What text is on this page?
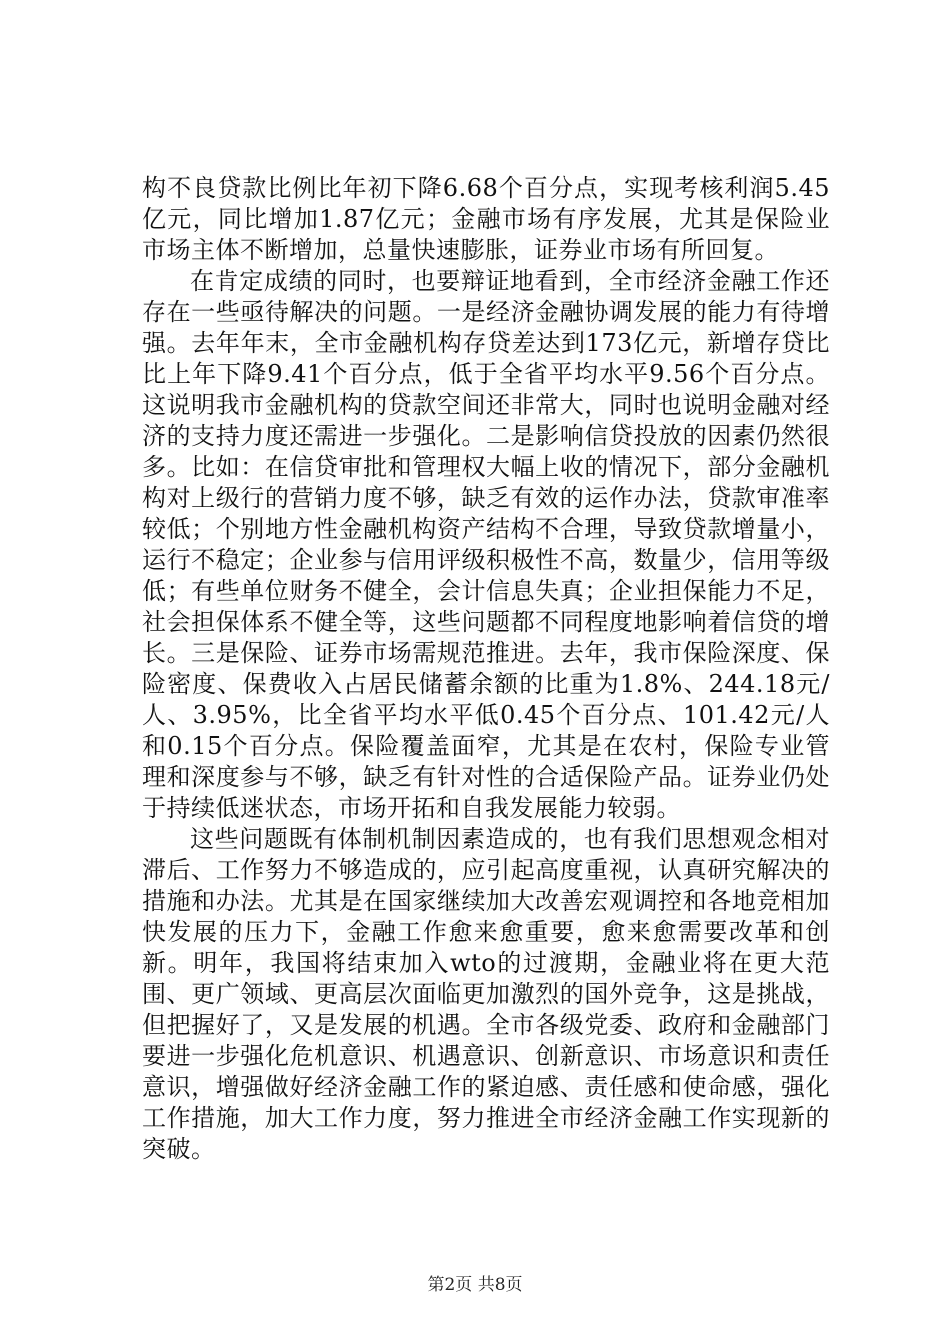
构不良贷款比例比年初下降6.68个百分点，实现考核利润5.45亿元，同比增加1.87亿元；金融市场有序发展，尤其是保险业市场主体不断增加，总量快速膨胀，证券业市场有所回复。

在肯定成绩的同时，也要辩证地看到，全市经济金融工作还存在一些亟待解决的问题。一是经济金融协调发展的能力有待增强。去年年末，全市金融机构存贷差达到173亿元，新增存贷比比上年下降9.41个百分点，低于全省平均水平9.56个百分点。这说明我市金融机构的贷款空间还非常大，同时也说明金融对经济的支持力度还需进一步强化。二是影响信贷投放的因素仍然很多。比如：在信贷审批和管理权大幅上收的情况下，部分金融机构对上级行的营销力度不够，缺乏有效的运作办法，贷款审准率较低；个别地方性金融机构资产结构不合理，导致贷款增量小，运行不稳定；企业参与信用评级积极性不高，数量少，信用等级低；有些单位财务不健全，会计信息失真；企业担保能力不足，社会担保体系不健全等，这些问题都不同程度地影响着信贷的增长。三是保险、证券市场需规范推进。去年，我市保险深度、保险密度、保费收入占居民储蓄余额的比重为1.8%、244.18元/人、3.95%，比全省平均水平低0.45个百分点、101.42元/人和0.15个百分点。保险覆盖面窄，尤其是在农村，保险专业管理和深度参与不够，缺乏有针对性的合适保险产品。证券业仍处于持续低迷状态，市场开拓和自我发展能力较弱。

这些问题既有体制机制因素造成的，也有我们思想观念相对滞后、工作努力不够造成的，应引起高度重视，认真研究解决的措施和办法。尤其是在国家继续加大改善宏观调控和各地竞相加快发展的压力下，金融工作愈来愈重要，愈来愈需要改革和创新。明年，我国将结束加入wto的过渡期，金融业将在更大范围、更广领域、更高层次面临更加激烈的国外竞争，这是挑战，但把握好了，又是发展的机遇。全市各级党委、政府和金融部门要进一步强化危机意识、机遇意识、创新意识、市场意识和责任意识，增强做好经济金融工作的紧迫感、责任感和使命感，强化工作措施，加大工作力度，努力推进全市经济金融工作实现新的突破。

第2页 共8页
